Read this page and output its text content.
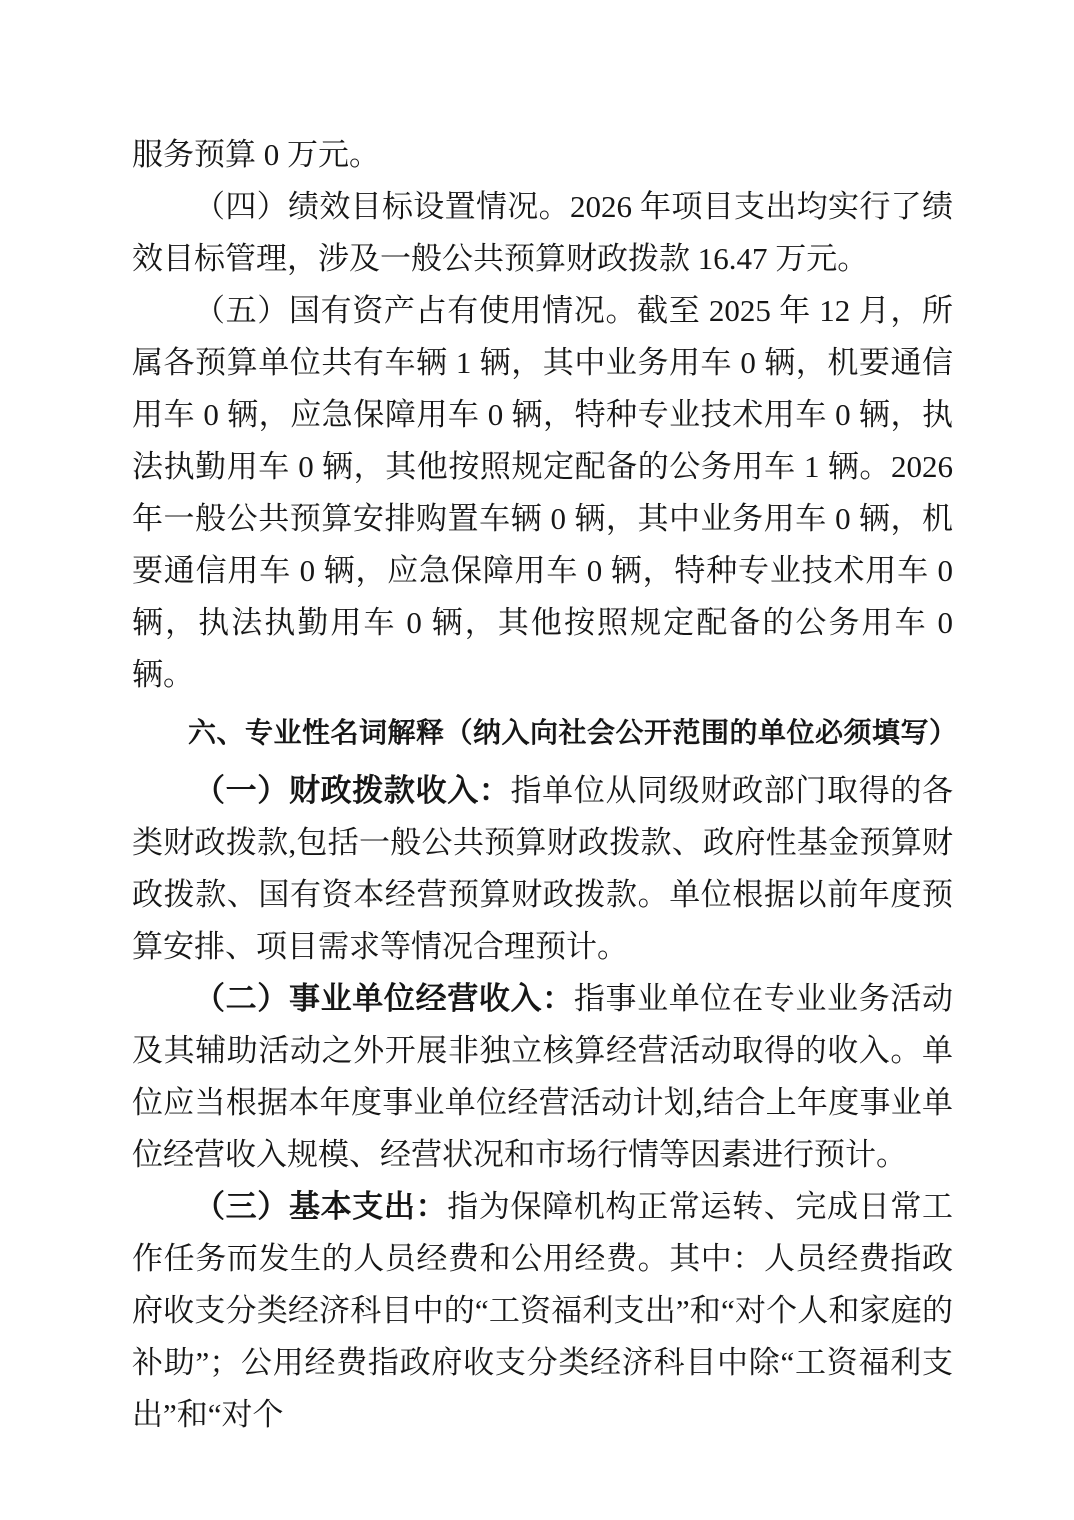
服务预算 0 万元。

（四）绩效目标设置情况。2026 年项目支出均实行了绩效目标管理，涉及一般公共预算财政拨款 16.47 万元。

（五）国有资产占有使用情况。截至 2025 年 12 月，所属各预算单位共有车辆 1 辆，其中业务用车 0 辆，机要通信用车 0 辆，应急保障用车 0 辆，特种专业技术用车 0 辆，执法执勤用车 0 辆，其他按照规定配备的公务用车 1 辆。2026 年一般公共预算安排购置车辆 0 辆，其中业务用车 0 辆，机要通信用车 0 辆，应急保障用车 0 辆，特种专业技术用车 0 辆，执法执勤用车 0 辆，其他按照规定配备的公务用车 0 辆。

六、专业性名词解释（纳入向社会公开范围的单位必须填写）

（一）财政拨款收入：指单位从同级财政部门取得的各类财政拨款,包括一般公共预算财政拨款、政府性基金预算财政拨款、国有资本经营预算财政拨款。单位根据以前年度预算安排、项目需求等情况合理预计。

（二）事业单位经营收入：指事业单位在专业业务活动及其辅助活动之外开展非独立核算经营活动取得的收入。单位应当根据本年度事业单位经营活动计划,结合上年度事业单位经营收入规模、经营状况和市场行情等因素进行预计。

（三）基本支出：指为保障机构正常运转、完成日常工作任务而发生的人员经费和公用经费。其中：人员经费指政府收支分类经济科目中的“工资福利支出”和“对个人和家庭的补助”；公用经费指政府收支分类经济科目中除“工资福利支出”和“对个
